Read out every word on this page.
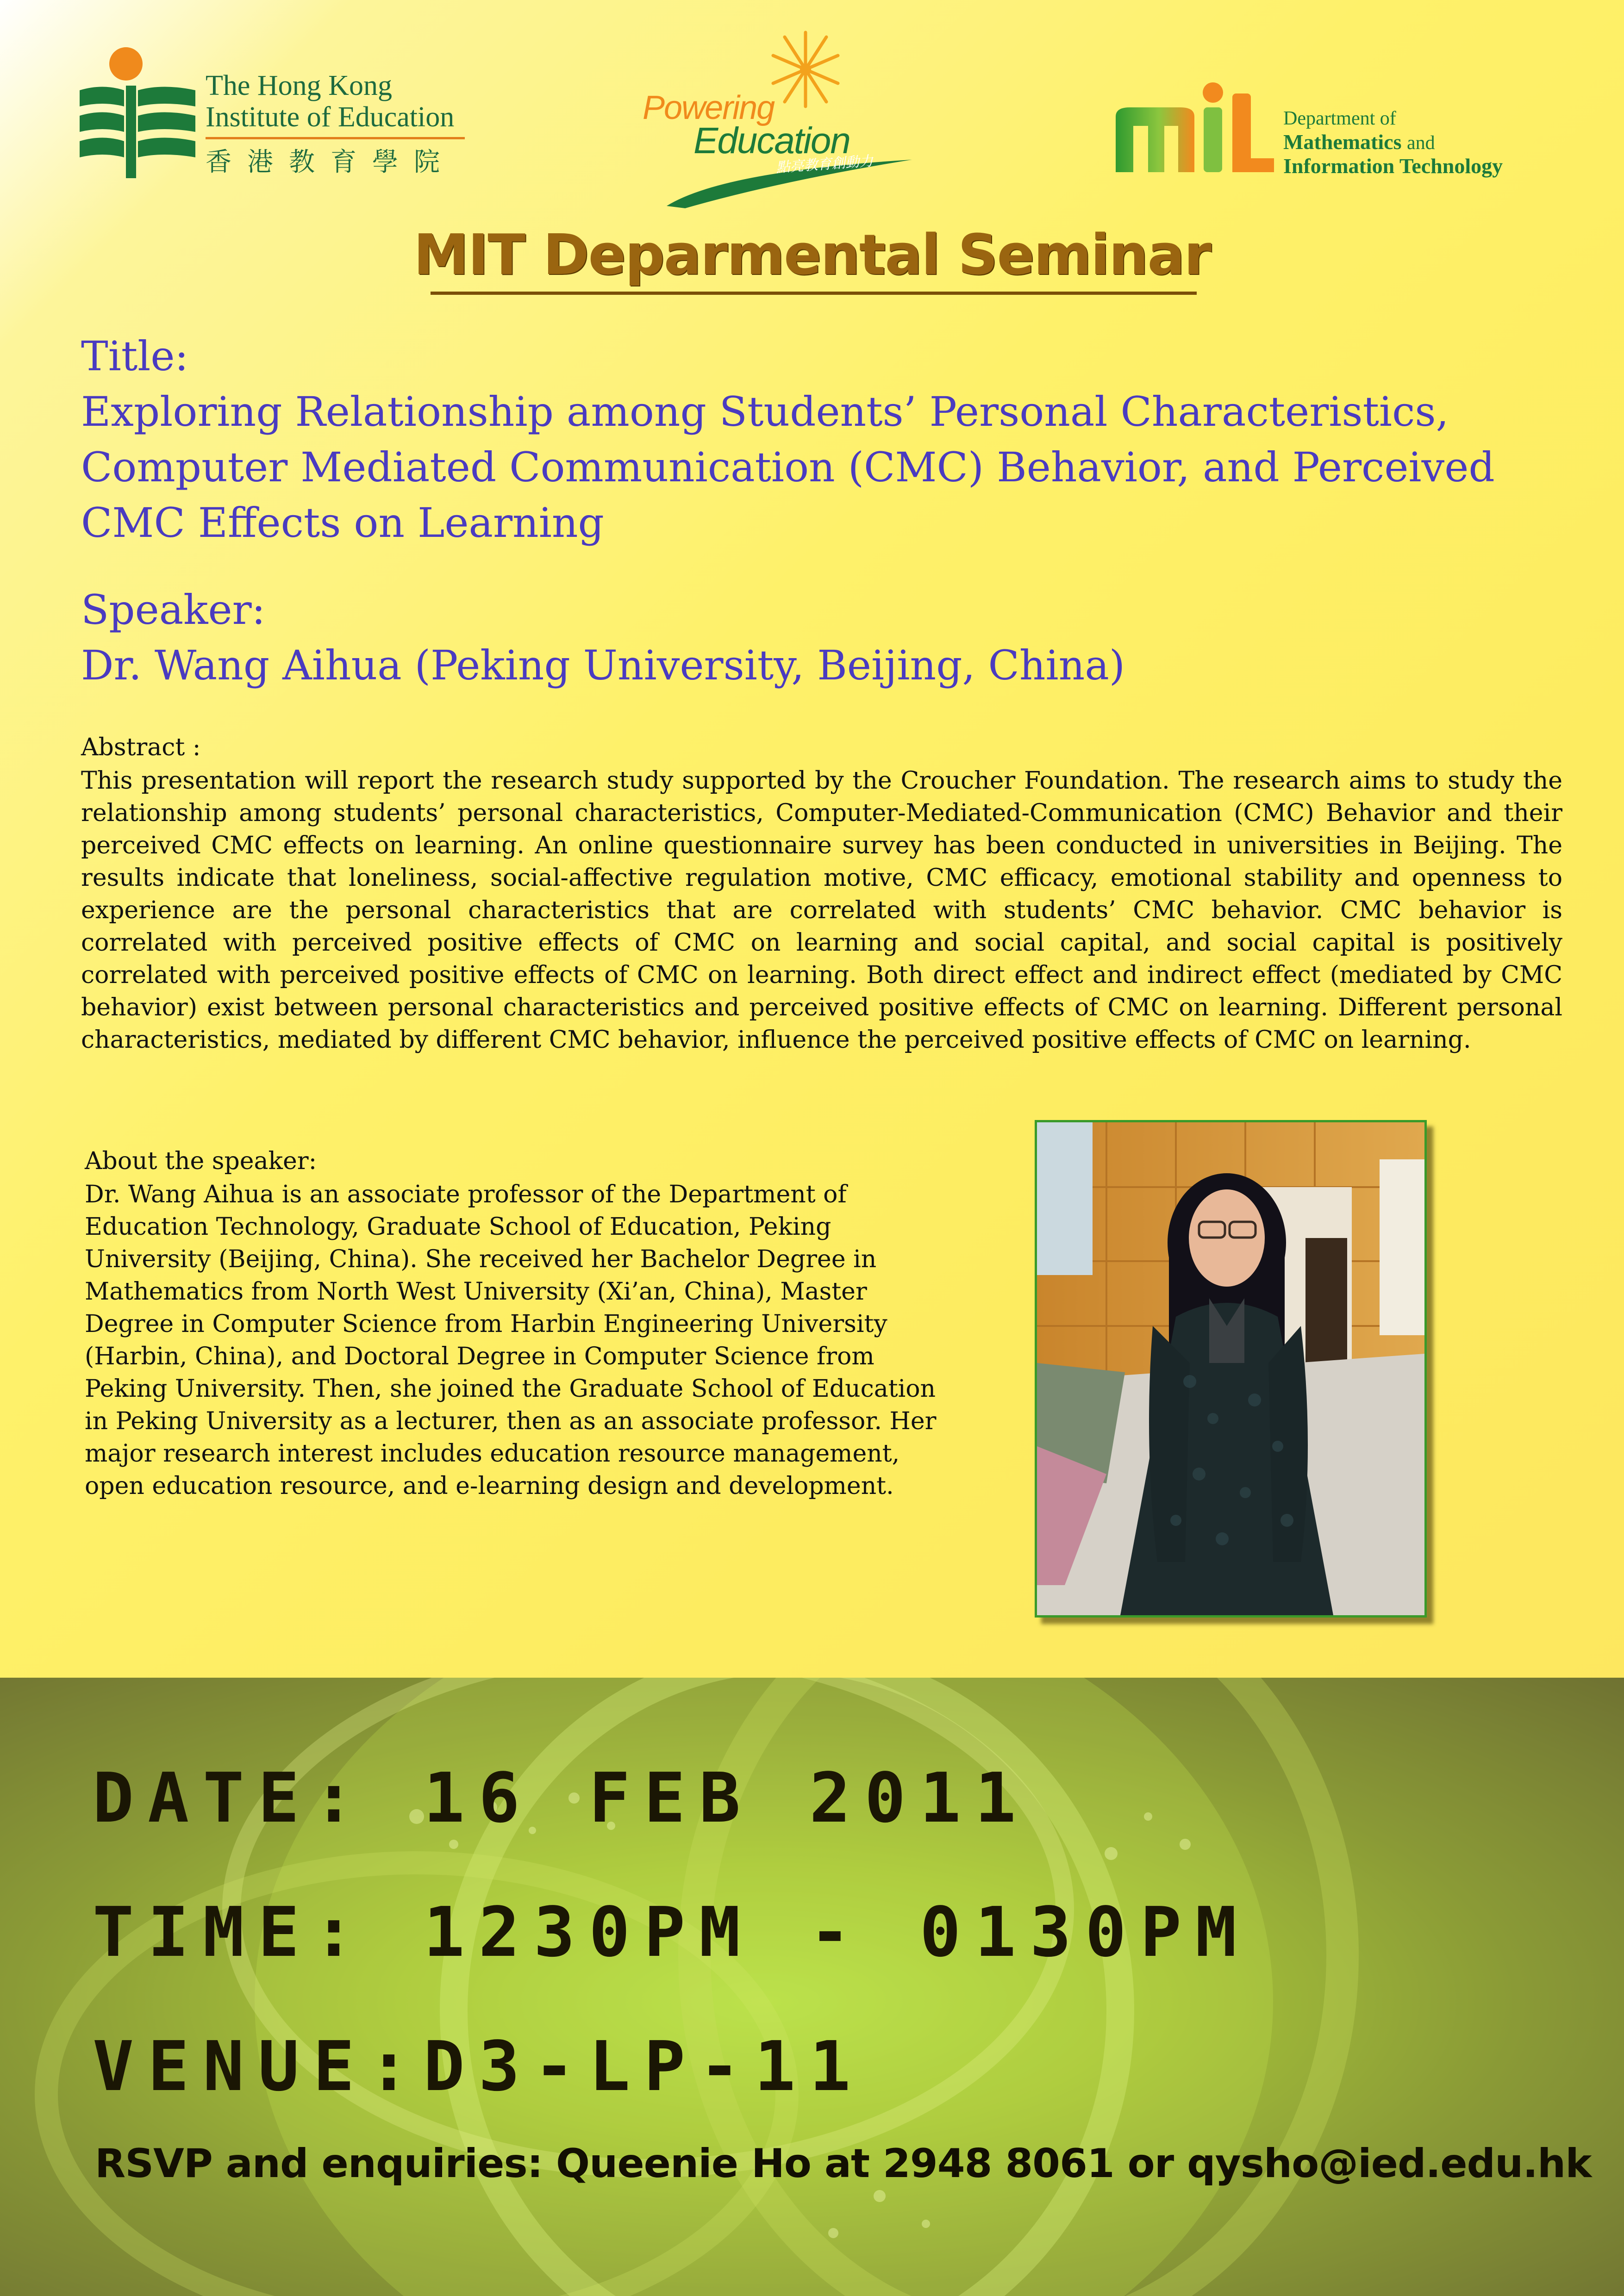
The Hong Kong
Institute of Education
香港教育學院
Powering
Education
點亮教育創動力
Department of
Mathematics and
Information Technology
MIT Deparmental Seminar
Title:
Exploring Relationship among Students’ Personal Characteristics, Computer Mediated Communication (CMC) Behavior, and Perceived CMC Effects on Learning
Speaker:
Dr. Wang Aihua (Peking University, Beijing, China)
Abstract :
This presentation will report the research study supported by the Croucher Foundation. The research aims to study the relationship among students’ personal characteristics, Computer-Mediated-Communication (CMC) Behavior and their perceived CMC effects on learning. An online questionnaire survey has been conducted in universities in Beijing. The results indicate that loneliness, social-affective regulation motive, CMC efficacy, emotional stability and openness to experience are the personal characteristics that are correlated with students’ CMC behavior. CMC behavior is correlated with perceived positive effects of CMC on learning and social capital, and social capital is positively correlated with perceived positive effects of CMC on learning. Both direct effect and indirect effect (mediated by CMC behavior) exist between personal characteristics and perceived positive effects of CMC on learning. Different personal characteristics, mediated by different CMC behavior, influence the perceived positive effects of CMC on learning.
About the speaker:
Dr. Wang Aihua is an associate professor of the Department of Education Technology, Graduate School of Education, Peking University (Beijing, China). She received her Bachelor Degree in Mathematics from North West University (Xi’an, China), Master Degree in Computer Science from Harbin Engineering University (Harbin, China), and Doctoral Degree in Computer Science from Peking University. Then, she joined the Graduate School of Education in Peking University as a lecturer, then as an associate professor. Her major research interest includes education resource management, open education resource, and e-learning design and development.
DATE: 16 FEB 2011
TIME: 1230PM - 0130PM
VENUE:D3-LP-11
RSVP and enquiries: Queenie Ho at 2948 8061 or qysho@ied.edu.hk
